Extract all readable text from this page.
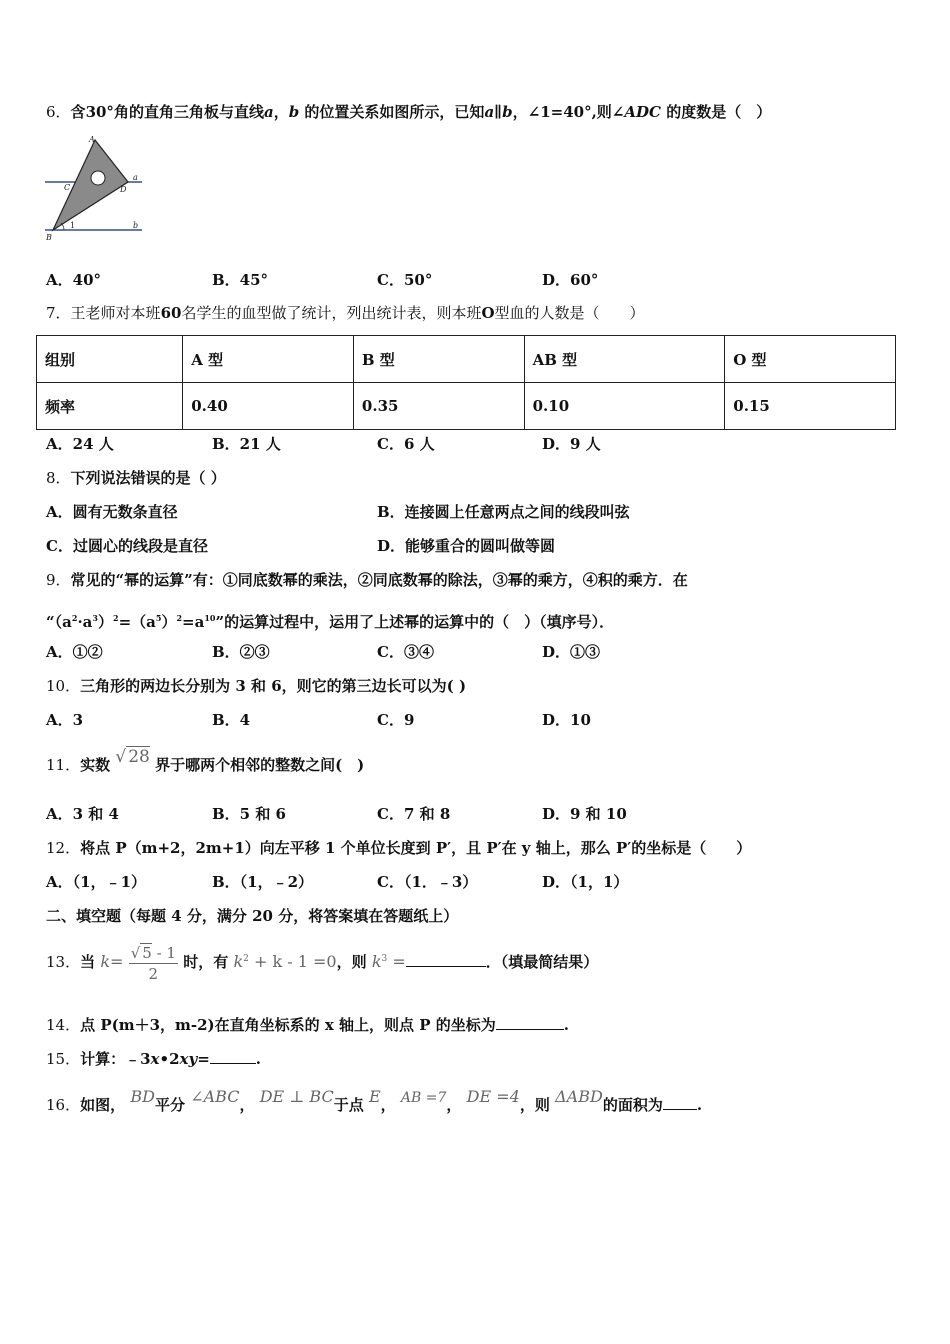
6．含30°角的直角三角板与直线a，b 的位置关系如图所示，已知a∥b，∠1=40°,则∠ADC 的度数是（　）
A
C	D
B
a
b
1
A．40°	B．45°	C．50°	D．60°
7．王老师对本班60名学生的血型做了统计，列出统计表，则本班O型血的人数是（　　）
组别	A 型	B 型	AB 型	O 型
频率	0.40	0.35	0.10	0.15
A．24 人	B．21 人	C．6 人	D．9 人
8．下列说法错误的是（ ）
A．圆有无数条直径	B．连接圆上任意两点之间的线段叫弦
C．过圆心的线段是直径	D．能够重合的圆叫做等圆
9．常见的“幂的运算”有：①同底数幂的乘法，②同底数幂的除法，③幂的乘方，④积的乘方．在
“$(a^2\cdot a^3)^2=(a^5)^2=a^{10}$”的运算过程中，运用了上述幂的运算中的（　）（填序号）．
A．①②	B．②③	C．③④	D．①③
10．三角形的两边长分别为 3 和 6，则它的第三边长可以为( )
A．3	B．4	C．9	D．10
11．实数 √ 28 界于哪两个相邻的整数之间(　)
A．3 和 4	B．5 和 6	C．7 和 8	D．9 和 10
12．将点 P（m+2，2m+1）向左平移 1 个单位长度到 P′，且 P′在 y 轴上，那么 P′的坐标是（　　）
A．（1，﹣1）	B．（1，﹣2）	C．（1．﹣3）	D．（1，1）
二、填空题（每题 4 分，满分 20 分，将答案填在答题纸上）
13．当 $k= \frac{√ 5 - 1}{2}$ 时，有 $k^2 + k - 1 =0$，则 $k^3$ =	．（填最简结果）
14．点 P(m＋3，m-2)在直角坐标系的 x 轴上，则点 P 的坐标为	.
15．计算：﹣3x•2xy=	.
16．如图， BD平分 ∠ABC， DE ⊥ BC于点 E， AB =7， DE =4，则 ΔABD的面积为 .
